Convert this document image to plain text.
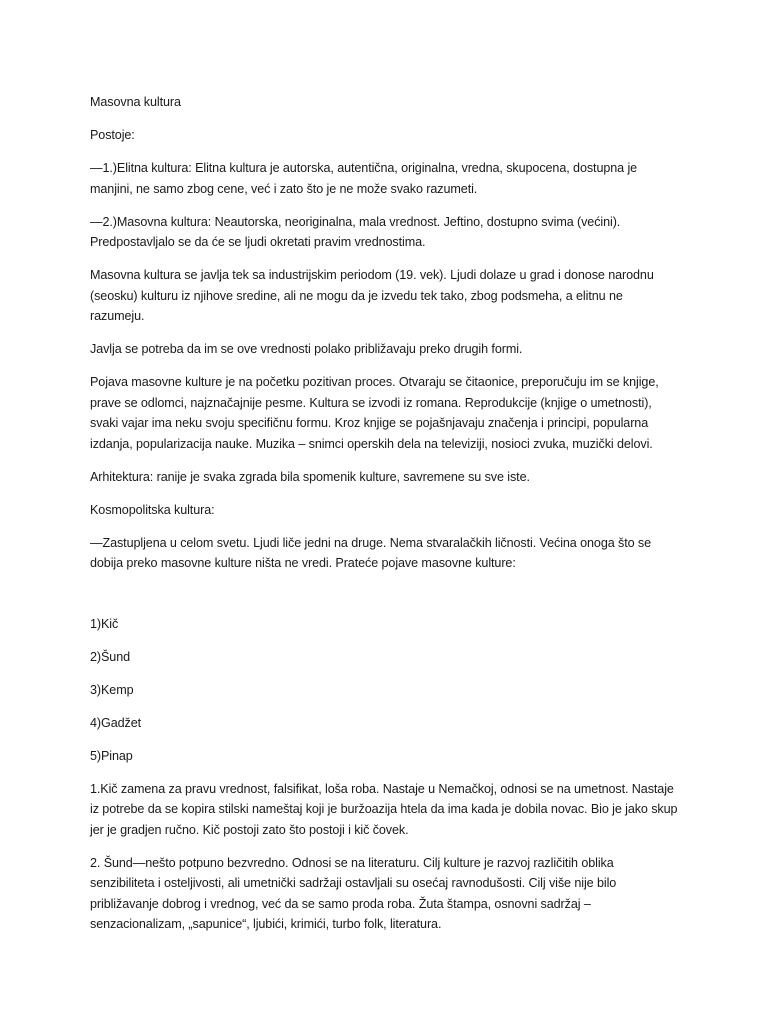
Masovna kultura

Postoje:

—1.)Elitna kultura: Elitna kultura je autorska, autentična, originalna, vredna, skupocena, dostupna je manjini, ne samo zbog cene, već i zato što je ne može svako razumeti.

—2.)Masovna kultura: Neautorska, neoriginalna, mala vrednost. Jeftino, dostupno svima (većini). Predpostavljalo se da će se ljudi okretati pravim vrednostima.

Masovna kultura se javlja tek sa industrijskim periodom (19. vek). Ljudi dolaze u grad i donose narodnu (seosku) kulturu iz njihove sredine, ali ne mogu da je izvedu tek tako, zbog podsmeha, a elitnu ne razumeju.

Javlja se potreba da im se ove vrednosti polako približavaju preko drugih formi.

Pojava masovne kulture je na početku pozitivan proces. Otvaraju se čitaonice, preporučuju im se knjige, prave se odlomci, najznačajnije pesme. Kultura se izvodi iz romana. Reprodukcije (knjige o umetnosti), svaki vajar ima neku svoju specifičnu formu. Kroz knjige se pojašnjavaju značenja i principi, popularna izdanja, popularizacija nauke. Muzika – snimci operskih dela na televiziji, nosioci zvuka, muzički delovi.

Arhitektura: ranije je svaka zgrada bila spomenik kulture, savremene su sve iste.

Kosmopolitska kultura:

—Zastupljena u celom svetu. Ljudi liče jedni na druge. Nema stvaralačkih ličnosti. Većina onoga što se dobija preko masovne kulture ništa ne vredi. Prateće pojave masovne kulture:

1)Kič

2)Šund

3)Kemp

4)Gadžet

5)Pinap

1.Kič zamena za pravu vrednost, falsifikat, loša roba. Nastaje u Nemačkoj, odnosi se na umetnost. Nastaje iz potrebe da se kopira stilski nameštaj koji je buržoazija htela da ima kada je dobila novac. Bio je jako skup jer je gradjen ručno. Kič postoji zato što postoji i kič čovek.

2. Šund—nešto potpuno bezvredno. Odnosi se na literaturu. Cilj kulture je razvoj različitih oblika senzibiliteta i osteljivosti, ali umetnički sadržaji ostavljali su osećaj ravnodušosti. Cilj više nije bilo približavanje dobrog i vrednog, već da se samo proda roba. Žuta štampa, osnovni sadržaj – senzacionalizam, „sapunice“, ljubići, krimići, turbo folk, literatura.
